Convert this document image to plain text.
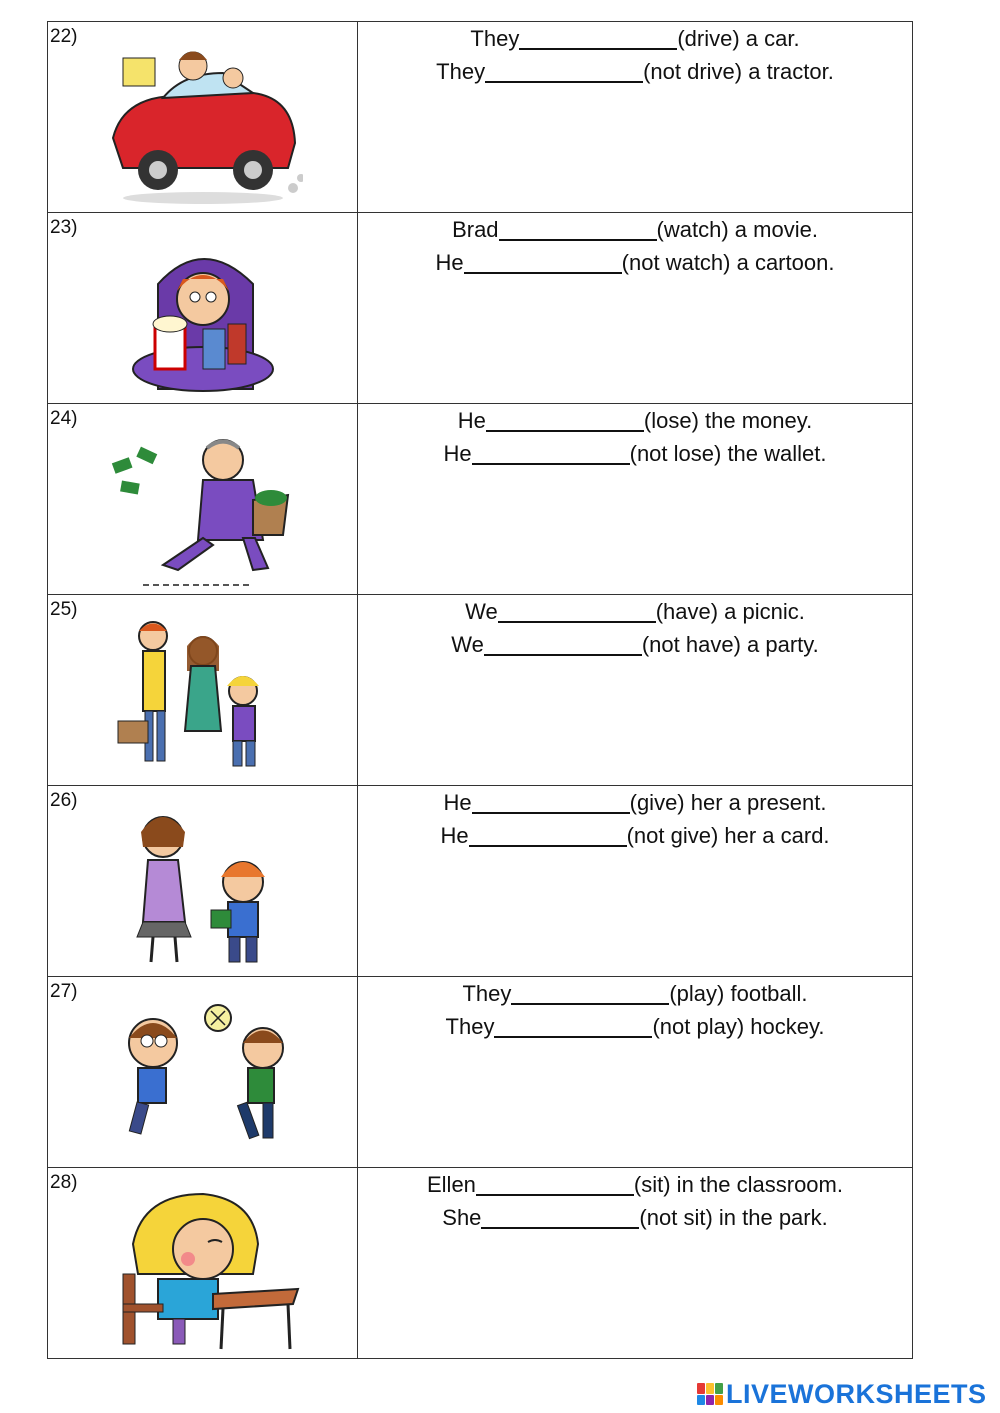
22)	They (drive) a car.
They (not drive) a tractor.

23)	Brad (watch) a movie.
He (not watch) a cartoon.

24)	He (lose) the money.
He (not lose) the wallet.

25)	We (have) a picnic.
We (not have) a party.

26)	He (give) her a present.
He (not give) her a card.

27)	They (play) football.
They (not play) hockey.

28)	Ellen (sit) in the classroom.
She (not sit) in the park.
LIVEWORKSHEETS
